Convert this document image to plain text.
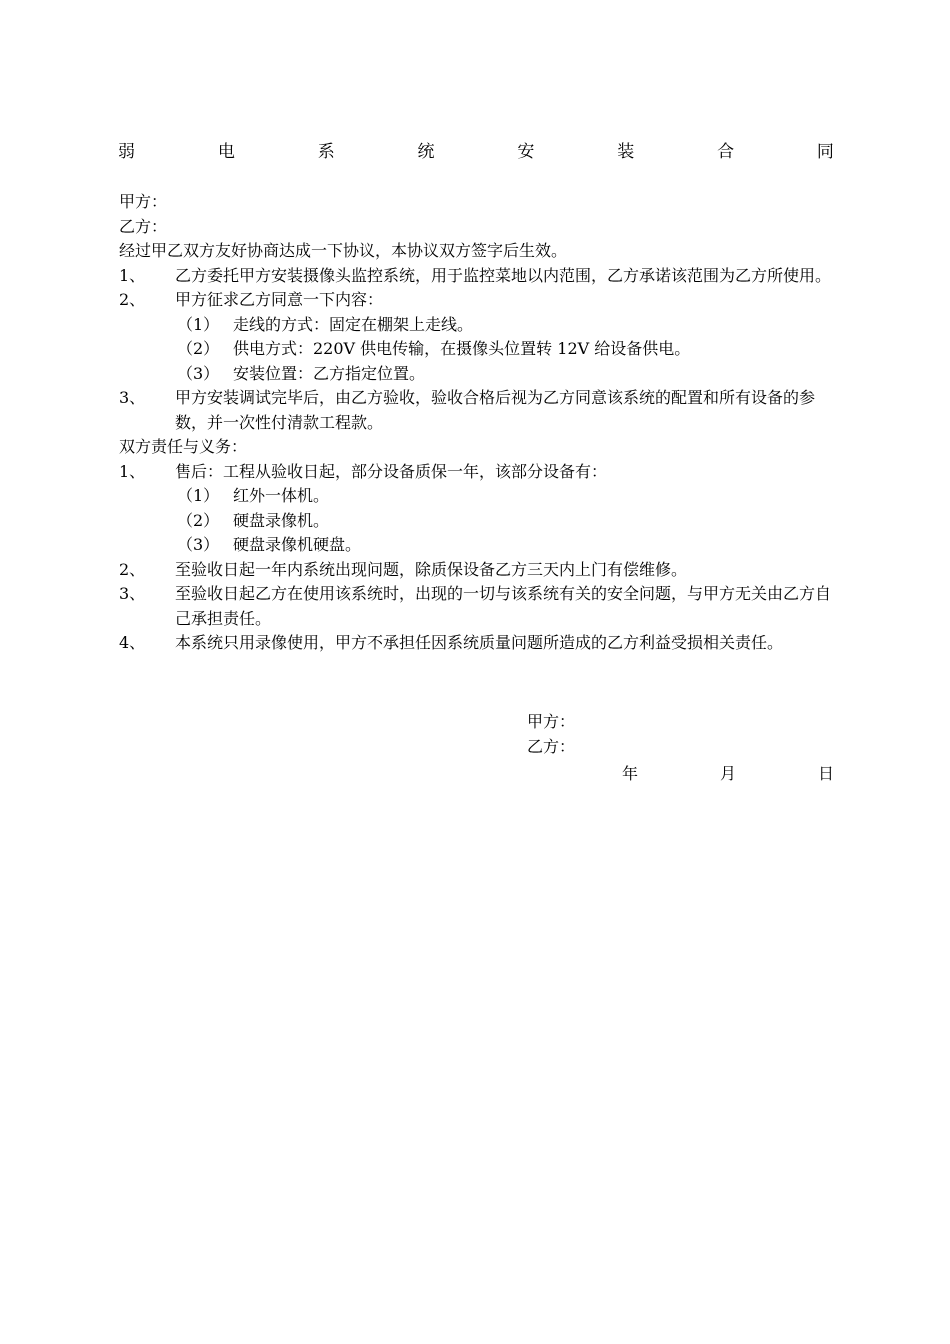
弱	电	系	统	安	装	合	同
甲方：
乙方：
经过甲乙双方友好协商达成一下协议，本协议双方签字后生效。
1、	乙方委托甲方安装摄像头监控系统，用于监控菜地以内范围，乙方承诺该范围为乙方所使用。
2、	甲方征求乙方同意一下内容：
（1） 走线的方式：固定在棚架上走线。
（2） 供电方式：220V 供电传输，在摄像头位置转 12V 给设备供电。
（3） 安装位置：乙方指定位置。
3、	甲方安装调试完毕后，由乙方验收，验收合格后视为乙方同意该系统的配置和所有设备的参数，并一次性付清款工程款。
双方责任与义务：
1、	售后：工程从验收日起，部分设备质保一年，该部分设备有：
（1） 红外一体机。
（2） 硬盘录像机。
（3） 硬盘录像机硬盘。
2、	至验收日起一年内系统出现问题，除质保设备乙方三天内上门有偿维修。
3、	至验收日起乙方在使用该系统时，出现的一切与该系统有关的安全问题，与甲方无关由乙方自己承担责任。
4、	本系统只用录像使用，甲方不承担任因系统质量问题所造成的乙方利益受损相关责任。
甲方：
乙方：
年	月	日
